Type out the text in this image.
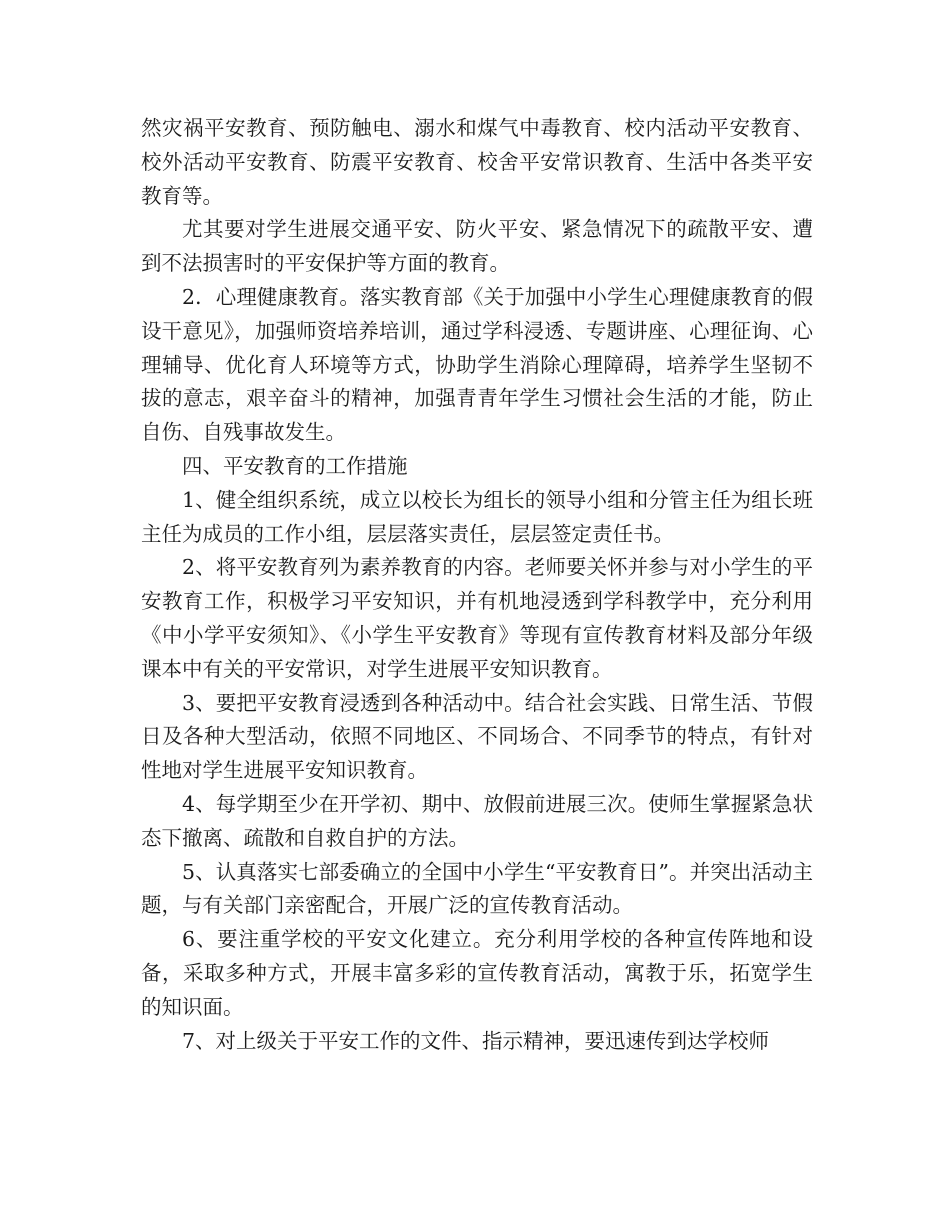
然灾祸平安教育、预防触电、溺水和煤气中毒教育、校内活动平安教育、校外活动平安教育、防震平安教育、校舍平安常识教育、生活中各类平安教育等。

尤其要对学生进展交通平安、防火平安、紧急情况下的疏散平安、遭到不法损害时的平安保护等方面的教育。

2．心理健康教育。落实教育部《关于加强中小学生心理健康教育的假设干意见》，加强师资培养培训，通过学科浸透、专题讲座、心理征询、心理辅导、优化育人环境等方式，协助学生消除心理障碍，培养学生坚韧不拔的意志，艰辛奋斗的精神，加强青青年学生习惯社会生活的才能，防止自伤、自残事故发生。

四、平安教育的工作措施

1、健全组织系统，成立以校长为组长的领导小组和分管主任为组长班主任为成员的工作小组，层层落实责任，层层签定责任书。

2、将平安教育列为素养教育的内容。老师要关怀并参与对小学生的平安教育工作，积极学习平安知识，并有机地浸透到学科教学中，充分利用《中小学平安须知》、《小学生平安教育》等现有宣传教育材料及部分年级课本中有关的平安常识，对学生进展平安知识教育。

3、要把平安教育浸透到各种活动中。结合社会实践、日常生活、节假日及各种大型活动，依照不同地区、不同场合、不同季节的特点，有针对性地对学生进展平安知识教育。

4、每学期至少在开学初、期中、放假前进展三次。使师生掌握紧急状态下撤离、疏散和自救自护的方法。

5、认真落实七部委确立的全国中小学生“平安教育日”。并突出活动主题，与有关部门亲密配合，开展广泛的宣传教育活动。

6、要注重学校的平安文化建立。充分利用学校的各种宣传阵地和设备，采取多种方式，开展丰富多彩的宣传教育活动，寓教于乐，拓宽学生的知识面。

7、对上级关于平安工作的文件、指示精神，要迅速传到达学校师
